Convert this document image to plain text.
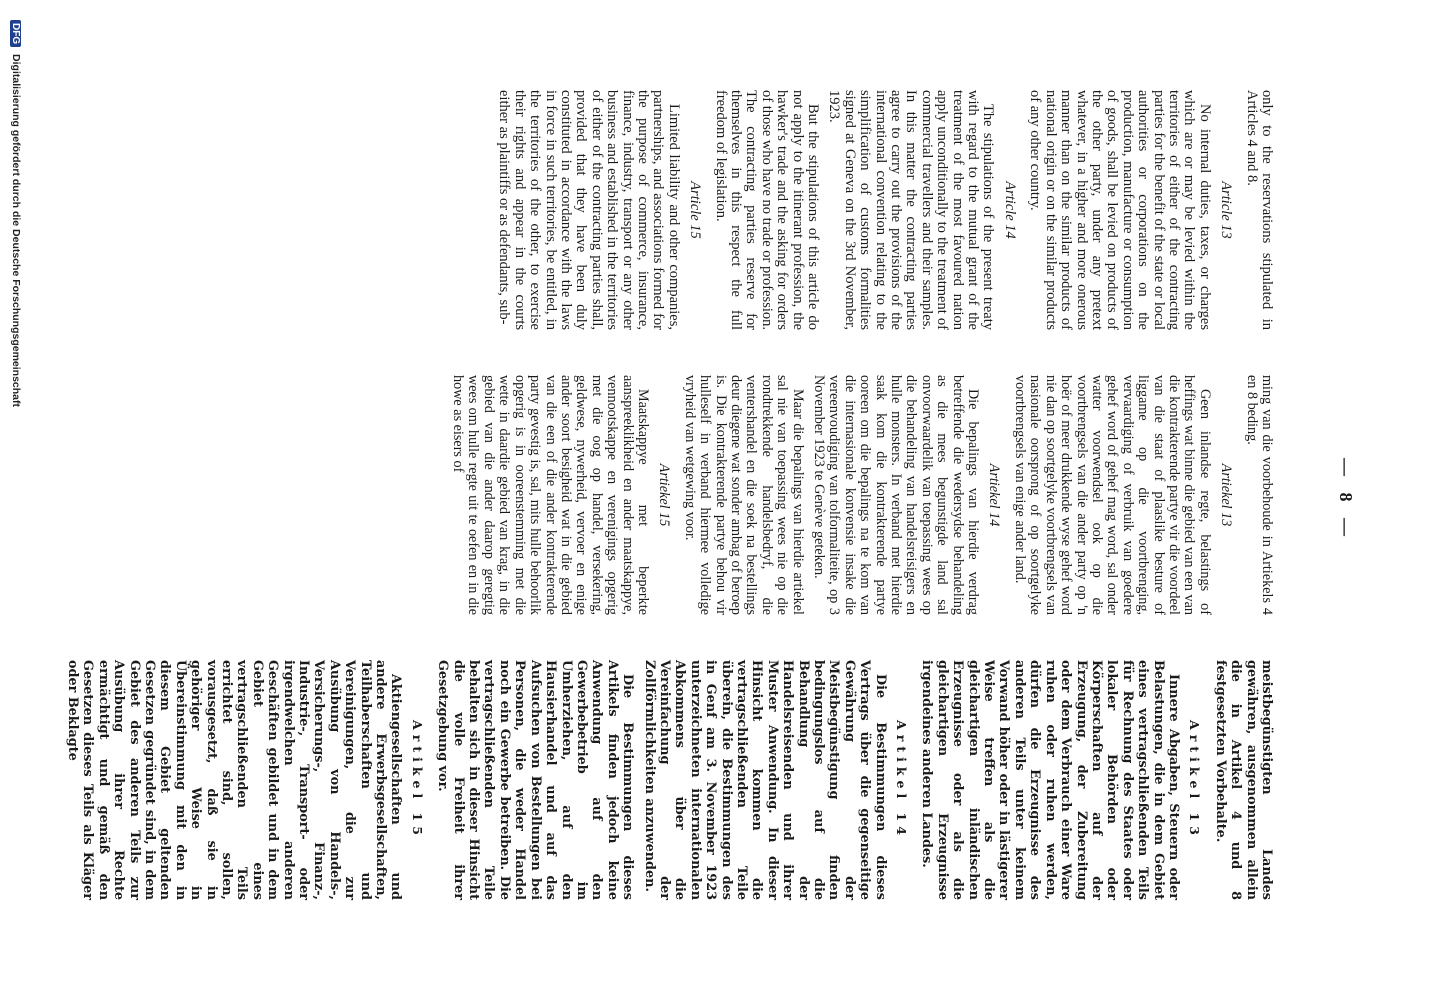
— 8 —

only to the reservations stipulated in Articles 4 and 8.

Article 13

No internal duties, taxes, or charges which are or may be levied within the territories of either of the contracting parties for the benefit of the state or local authorities or corporations on the production, manufacture or consumption of goods, shall be levied on products of the other party, under any pretext whatever, in a higher and more onerous manner than on the similar products of national origin or on the similar products of any other country.

Article 14

The stipulations of the present treaty with regard to the mutual grant of the treatment of the most favoured nation apply unconditionally to the treatment of commercial travellers and their samples. In this matter the contracting parties agree to carry out the provisions of the international convention relating to the simplification of customs formalities signed at Geneva on the 3rd November, 1923.

But the stipulations of this article do not apply to the itinerant profession, the hawker's trade and the asking for orders of those who have no trade or profession. The contracting parties reserve for themselves in this respect the full freedom of legislation.

Article 15

Limited liability and other companies, partnerships, and associations formed for the purpose of commerce, insurance, finance, industry, transport or any other business and established in the territories of either of the contracting parties shall, provided that they have been duly constituted in accordance with the laws in force in such territories, be entitled, in the territories of the other, to exercise their rights and appear in the courts either as plaintiffs or as defendants, sub-

ming van die voorbehoude in Artiekels 4 en 8 beding.

Artiekel 13

Geen inlandse regte, belastings of heffings wat binne die gebied van een van die kontrakterende partye vir die voordeel van die staat of plaaslike besture of liggame op die voortbrenging, vervaardiging of verbruik van goedere gehef word of gehef mag word, sal onder watter voorwendsel ook op die voortbrengsels van die ander party op 'n hoër of meer drukkende wyse gehef word nie dan op soortgelyke voortbrengsels van nasionale oorsprong of op soortgelyke voortbrengsels van enige ander land.

Artiekel 14

Die bepalings van hierdie verdrag betreffende die wedersydse behandeling as die mees begunstigde land sal onvoorwaardelik van toepassing wees op die behandeling van handelsreisigers en hulle monsters. In verband met hierdie saak kom die kontrakterende partye ooreen om die bepalings na te kom van die internasionale konvensie insake die vereenvoudiging van tolformaliteite, op 3 November 1923 te Genève geteken.

Maar die bepalings van hierdie artiekel sal nie van toepassing wees nie op die rondtrekkende handelsbedryf, die ventershandel en die soek na bestellings deur diegene wat sonder ambag of beroep is. Die kontrakterende partye behou vir hulleself in verband hiermee volledige vryheid van wetgewing voor.

Artiekel 15

Maatskappye met beperkte aanspreeklikheid en ander maatskappye, vennootskappe en verenigings opgerig met die oog op handel, versekering, geldwese, nywerheid, vervoer en enige ander soort besigheid wat in die gebied van die een of die ander kontrakterende party gevestig is, sal, mits hulle behoorlik opgerig is in ooreenstemming met die wette in daardie gebied van krag, in die gebied van die ander daarop geregtig wees om hulle regte uit te oefen en in die howe as eisers of

meistbegünstigten Landes gewähren, ausgenommen allein die in Artikel 4 und 8 festgesetzten Vorbehalte.

Artikel 13

Innere Abgaben, Steuern oder Belastungen, die in dem Gebiet eines vertragschließenden Teils für Rechnung des Staates oder lokaler Behörden oder Körperschaften auf der Erzeugung, der Zubereitung oder dem Verbrauch einer Ware ruhen oder ruhen werden, dürfen die Erzeugnisse des anderen Teils unter keinem Vorwand höher oder in lästigerer Weise treffen als die gleichartigen inländischen Erzeugnisse oder als die gleichartigen Erzeugnisse irgendeines anderen Landes.

Artikel 14

Die Bestimmungen dieses Vertrags über die gegenseitige Gewährung der Meistbegünstigung finden bedingungslos auf die Behandlung der Handelsreisenden und ihrer Muster Anwendung. In dieser Hinsicht kommen die vertragschließenden Teile überein, die Bestimmungen des in Genf am 3. November 1923 unterzeichneten internationalen Abkommens über die Vereinfachung der Zollförmlichkeiten anzuwenden.

Die Bestimmungen dieses Artikels finden jedoch keine Anwendung auf den Gewerbebetrieb im Umherziehen, auf den Hausierhandel und auf das Aufsuchen von Bestellungen bei Personen, die weder Handel noch ein Gewerbe betreiben. Die vertragschließenden Teile behalten sich in dieser Hinsicht die volle Freiheit ihrer Gesetzgebung vor.

Artikel 15

Aktiengesellschaften und andere Erwerbsgesellschaften, Teilhaberschaften und Vereinigungen, die zur Ausübung von Handels-, Versicherungs-, Finanz-, Industrie-, Transport- oder irgendwelchen anderen Geschäften gebildet und in dem Gebiet eines vertragschließenden Teils errichtet sind, sollen, vorausgesetzt, daß sie in gehöriger Weise in Übereinstimmung mit den in diesem Gebiet geltenden Gesetzen gegründet sind, in dem Gebiet des anderen Teils zur Ausübung ihrer Rechte ermächtigt und gemäß den Gesetzen dieses Teils als Kläger oder Beklagte

DFG Digitalisierung gefördert durch die Deutsche Forschungsgemeinschaft
